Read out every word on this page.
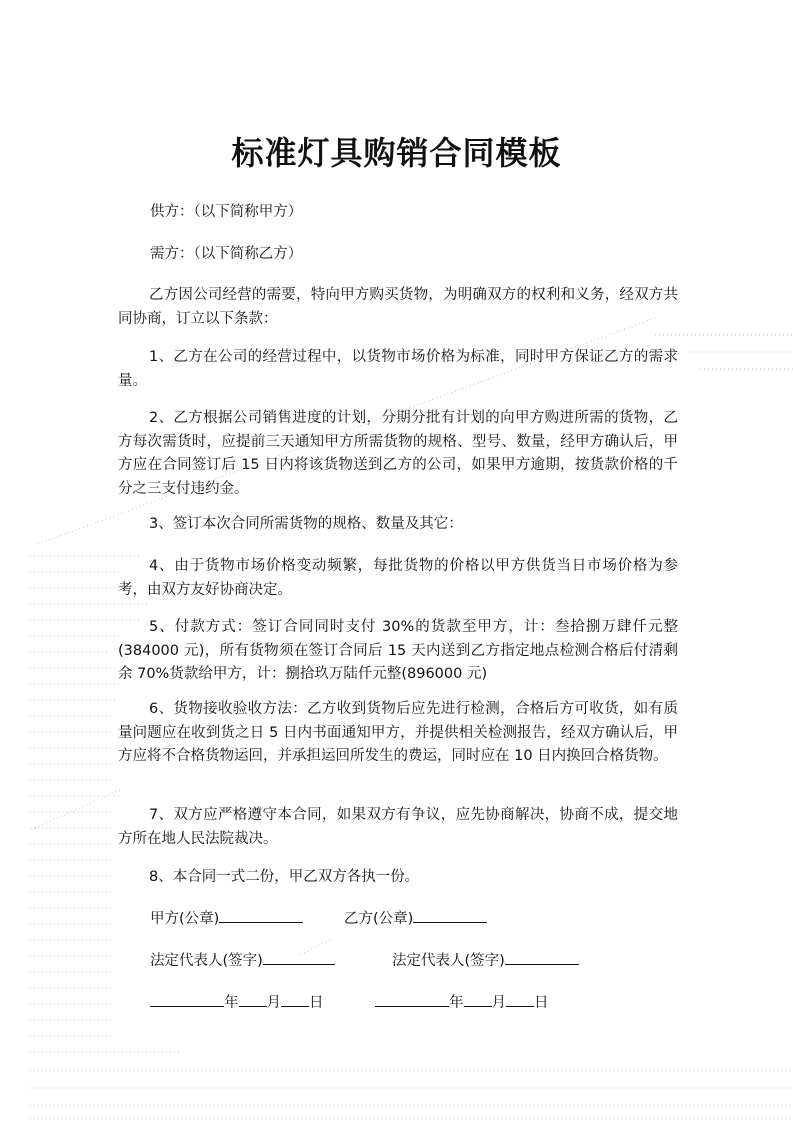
标准灯具购销合同模板

供方：（以下简称甲方）

需方：（以下简称乙方）

乙方因公司经营的需要，特向甲方购买货物，为明确双方的权利和义务，经双方共同协商，订立以下条款：

1、乙方在公司的经营过程中，以货物市场价格为标准，同时甲方保证乙方的需求量。

2、乙方根据公司销售进度的计划，分期分批有计划的向甲方购进所需的货物，乙方每次需货时，应提前三天通知甲方所需货物的规格、型号、数量，经甲方确认后，甲方应在合同签订后 15 日内将该货物送到乙方的公司，如果甲方逾期，按货款价格的千分之三支付违约金。

3、签订本次合同所需货物的规格、数量及其它：

4、由于货物市场价格变动频繁，每批货物的价格以甲方供货当日市场价格为参考，由双方友好协商决定。

5、付款方式：签订合同同时支付 30%的货款至甲方，计：叁拾捌万肆仟元整(384000 元)，所有货物须在签订合同后 15 天内送到乙方指定地点检测合格后付清剩余 70%货款给甲方，计：捌拾玖万陆仟元整(896000 元)

6、货物接收验收方法：乙方收到货物后应先进行检测，合格后方可收货，如有质量问题应在收到货之日 5 日内书面通知甲方，并提供相关检测报告，经双方确认后，甲方应将不合格货物运回，并承担运回所发生的费运，同时应在 10 日内换回合格货物。

7、双方应严格遵守本合同，如果双方有争议，应先协商解决，协商不成，提交地方所在地人民法院裁决。

8、本合同一式二份，甲乙双方各执一份。

甲方(公章)	乙方(公章)

法定代表人(签字)	法定代表人(签字)

年 月 日	年 月 日
